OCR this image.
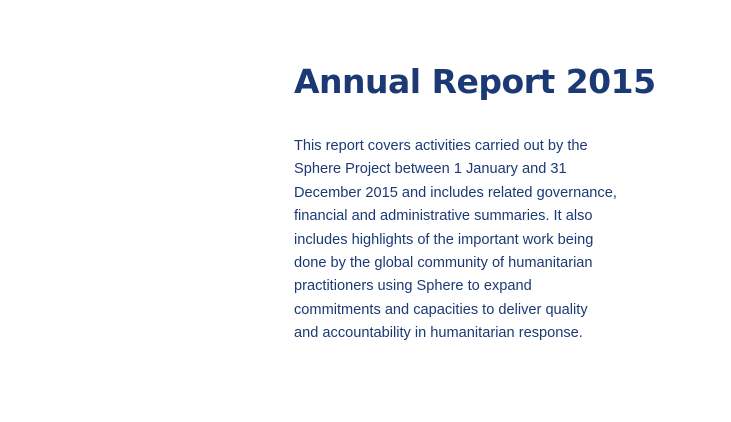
Annual Report 2015

This report covers activities carried out by the
Sphere Project between 1 January and 31
December 2015 and includes related governance,
financial and administrative summaries. It also
includes highlights of the important work being
done by the global community of humanitarian
practitioners using Sphere to expand
commitments and capacities to deliver quality
and accountability in humanitarian response.
